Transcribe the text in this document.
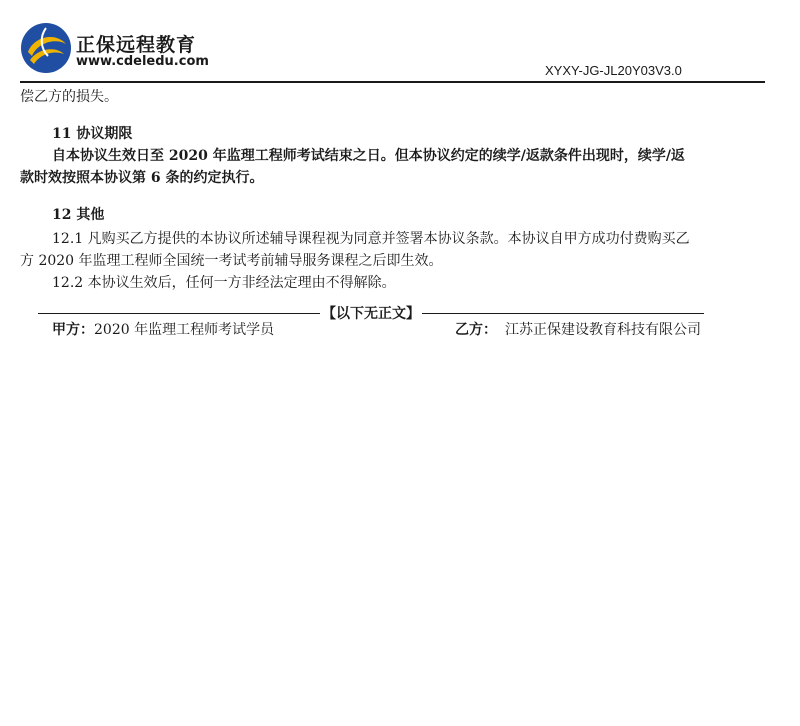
正保远程教育
www.cdeledu.com
XYXY-JG-JL20Y03V3.0
偿乙方的损失。
11 协议期限
自本协议生效日至 2020 年监理工程师考试结束之日。但本协议约定的续学/返款条件出现时，续学/返
款时效按照本协议第 6 条的约定执行。
12 其他
12.1 凡购买乙方提供的本协议所述辅导课程视为同意并签署本协议条款。本协议自甲方成功付费购买乙
方 2020 年监理工程师全国统一考试考前辅导服务课程之后即生效。
12.2 本协议生效后，任何一方非经法定理由不得解除。
【以下无正文】
甲方：2020 年监理工程师考试学员	乙方： 江苏正保建设教育科技有限公司
